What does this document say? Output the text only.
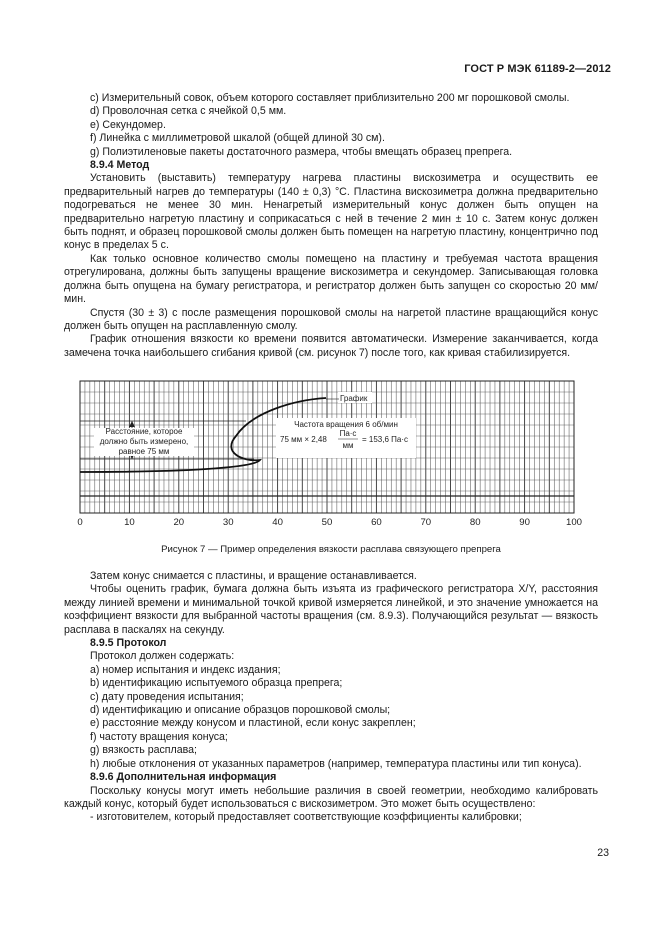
ГОСТ Р МЭК 61189-2—2012

c) Измерительный совок, объем которого составляет приблизительно 200 мг порошковой смолы.

d) Проволочная сетка с ячейкой 0,5 мм.

e) Секундомер.

f) Линейка с миллиметровой шкалой (общей длиной 30 см).

g) Полиэтиленовые пакеты достаточного размера, чтобы вмещать образец препрега.

8.9.4 Метод

Установить (выставить) температуру нагрева пластины вискозиметра и осуществить ее предварительный нагрев до температуры (140 ± 0,3) °С. Пластина вискозиметра должна предварительно подогреваться не менее 30 мин. Ненагретый измерительный конус должен быть опущен на предварительно нагретую пластину и соприкасаться с ней в течение 2 мин ± 10 с. Затем конус должен быть поднят, и образец порошковой смолы должен быть помещен на нагретую пластину, концентрично под конус в пределах 5 с.

Как только основное количество смолы помещено на пластину и требуемая частота вращения отрегулирована, должны быть запущены вращение вискозиметра и секундомер. Записывающая головка должна быть опущена на бумагу регистратора, и регистратор должен быть запущен со скоростью 20 мм/мин.

Спустя (30 ± 3) с после размещения порошковой смолы на нагретой пластине вращающийся конус должен быть опущен на расплавленную смолу.

График отношения вязкости ко времени появится автоматически. Измерение заканчивается, когда замечена точка наибольшего сгибания кривой (см. рисунок 7) после того, как кривая стабилизируется.

Расстояние, которое
должно быть измерено,
равное 75 мм
График
Частота вращения 6 об/мин
75 мм × 2,48
Па·с
мм
= 153,6 Па·с
0	10	20	30	40	50	60	70	80	90	100
Рисунок 7 — Пример определения вязкости расплава связующего препрега

Затем конус снимается с пластины, и вращение останавливается.

Чтобы оценить график, бумага должна быть изъята из графического регистратора X/Y, расстояния между линией времени и минимальной точкой кривой измеряется линейкой, и это значение умножается на коэффициент вязкости для выбранной частоты вращения (см. 8.9.3). Получающийся результат — вязкость расплава в паскалях на секунду.

8.9.5 Протокол

Протокол должен содержать:

a) номер испытания и индекс издания;

b) идентификацию испытуемого образца препрега;

c) дату проведения испытания;

d) идентификацию и описание образцов порошковой смолы;

e) расстояние между конусом и пластиной, если конус закреплен;

f) частоту вращения конуса;

g) вязкость расплава;

h) любые отклонения от указанных параметров (например, температура пластины или тип конуса).

8.9.6 Дополнительная информация

Поскольку конусы могут иметь небольшие различия в своей геометрии, необходимо калибровать каждый конус, который будет использоваться с вискозиметром. Это может быть осуществлено:

- изготовителем, который предоставляет соответствующие коэффициенты калибровки;

23
